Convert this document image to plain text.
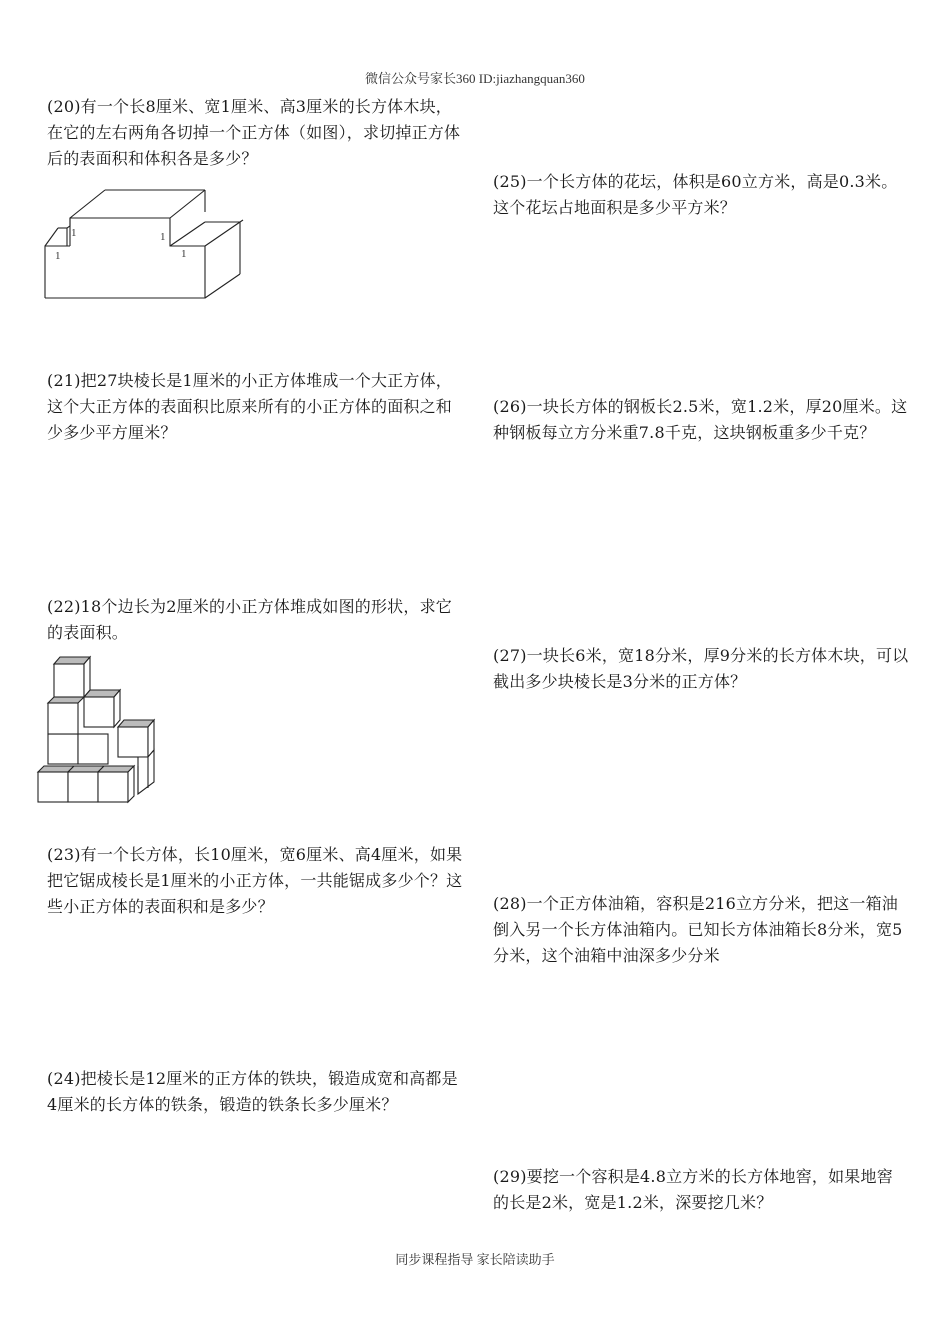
微信公众号家长360 ID:jiazhangquan360

(20)有一个长8厘米、宽1厘米、高3厘米的长方体木块，在它的左右两角各切掉一个正方体（如图），求切掉正方体后的表面积和体积各是多少？

1	1
1	1

(21)把27块棱长是1厘米的小正方体堆成一个大正方体，这个大正方体的表面积比原来所有的小正方体的面积之和少多少平方厘米？

(22)18个边长为2厘米的小正方体堆成如图的形状，求它的表面积。

(23)有一个长方体，长10厘米，宽6厘米、高4厘米，如果把它锯成棱长是1厘米的小正方体，一共能锯成多少个？这些小正方体的表面积和是多少？

(24)把棱长是12厘米的正方体的铁块，锻造成宽和高都是4厘米的长方体的铁条，锻造的铁条长多少厘米？

(25)一个长方体的花坛，体积是60立方米，高是0.3米。这个花坛占地面积是多少平方米？

(26)一块长方体的钢板长2.5米，宽1.2米，厚20厘米。这种钢板每立方分米重7.8千克，这块钢板重多少千克？

(27)一块长6米，宽18分米，厚9分米的长方体木块，可以截出多少块棱长是3分米的正方体？

(28)一个正方体油箱，容积是216立方分米，把这一箱油倒入另一个长方体油箱内。已知长方体油箱长8分米，宽5分米，这个油箱中油深多少分米

(29)要挖一个容积是4.8立方米的长方体地窖，如果地窖的长是2米，宽是1.2米，深要挖几米？

同步课程指导 家长陪读助手
